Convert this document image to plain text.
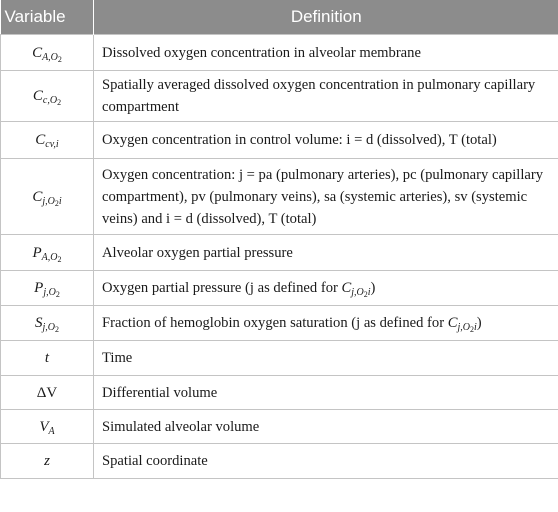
Variable	Definition
$C_{A,O_2}$	Dissolved oxygen concentration in alveolar membrane
$C_{c,O_2}$	Spatially averaged dissolved oxygen concentration in pulmonary capillary compartment
$C_{cv,i}$	Oxygen concentration in control volume: i = d (dissolved), T (total)
$C_{j,O_2i}$	Oxygen concentration: j = pa (pulmonary arteries), pc (pulmonary capillary compartment), pv (pulmonary veins), sa (systemic arteries), sv (systemic veins) and i = d (dissolved), T (total)
$P_{A,O_2}$	Alveolar oxygen partial pressure
$P_{j,O_2}$	Oxygen partial pressure (j as defined for $C_{j,O_2i}$)
$S_{j,O_2}$	Fraction of hemoglobin oxygen saturation (j as defined for $C_{j,O_2i}$)
t	Time
ΔV	Differential volume
$V_A$	Simulated alveolar volume
z	Spatial coordinate
